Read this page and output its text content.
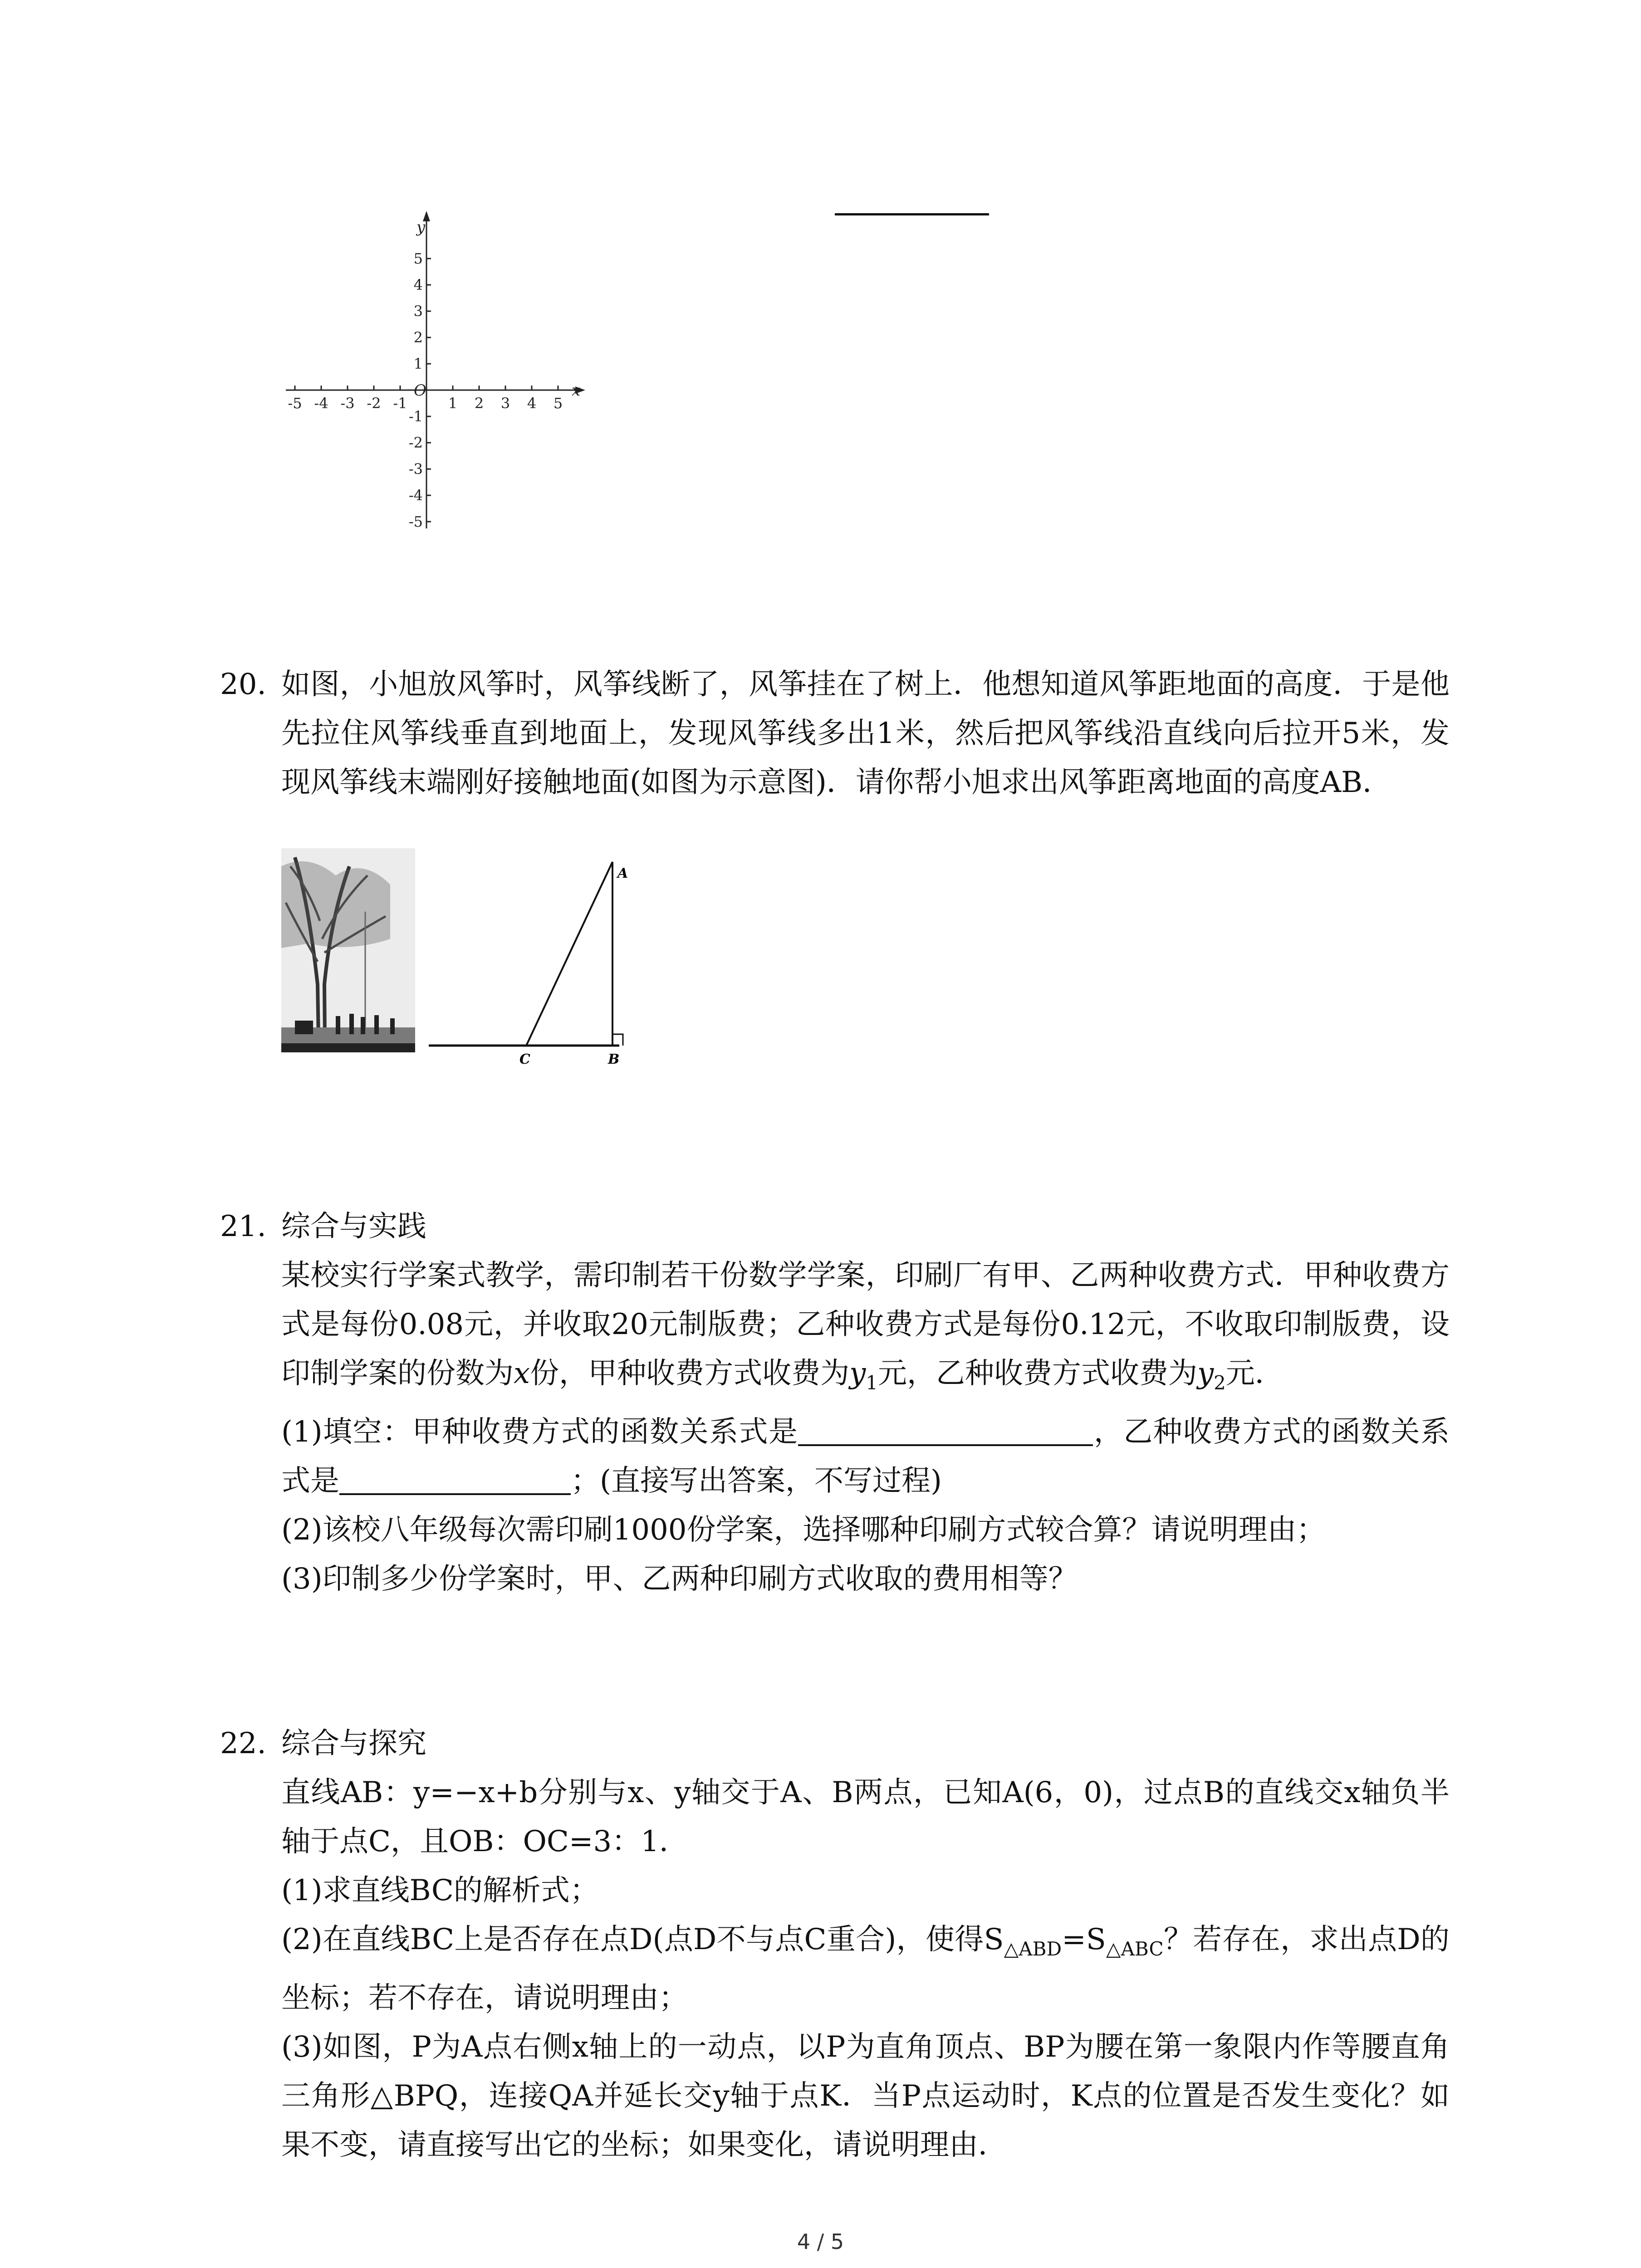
-5 -4 -3 -2 -1	1 2 3 4 5
5
4
3
2
1
-1
-2
-3
-4
-5
y
x
O
20. 如图，小旭放风筝时，风筝线断了，风筝挂在了树上．他想知道风筝距地面的高度．于是他先拉住风筝线垂直到地面上，发现风筝线多出1米，然后把风筝线沿直线向后拉开5米，发现风筝线末端刚好接触地面(如图为示意图)．请你帮小旭求出风筝距离地面的高度AB．

A
B
C
21. 综合与实践

某校实行学案式教学，需印制若干份数学学案，印刷厂有甲、乙两种收费方式．甲种收费方式是每份0.08元，并收取20元制版费；乙种收费方式是每份0.12元，不收取印制版费，设印制学案的份数为x份，甲种收费方式收费为$y_1$元，乙种收费方式收费为$y_2$元．

(1)填空：甲种收费方式的函数关系式是	，乙种收费方式的函数关系式是	；(直接写出答案，不写过程)

(2)该校八年级每次需印刷1000份学案，选择哪种印刷方式较合算？请说明理由；

(3)印制多少份学案时，甲、乙两种印刷方式收取的费用相等？

22. 综合与探究

直线AB：y=−x+b分别与x、y轴交于A、B两点，已知A(6，0)，过点B的直线交x轴负半轴于点C，且OB：OC=3：1．

(1)求直线BC的解析式；

(2)在直线BC上是否存在点D(点D不与点C重合)，使得$S_{\triangle ABD}=S_{\triangle ABC}$？若存在，求出点D的坐标；若不存在，请说明理由；

(3)如图，P为A点右侧x轴上的一动点，以P为直角顶点、BP为腰在第一象限内作等腰直角三角形△BPQ，连接QA并延长交y轴于点K．当P点运动时，K点的位置是否发生变化？如果不变，请直接写出它的坐标；如果变化，请说明理由．

4 / 5
